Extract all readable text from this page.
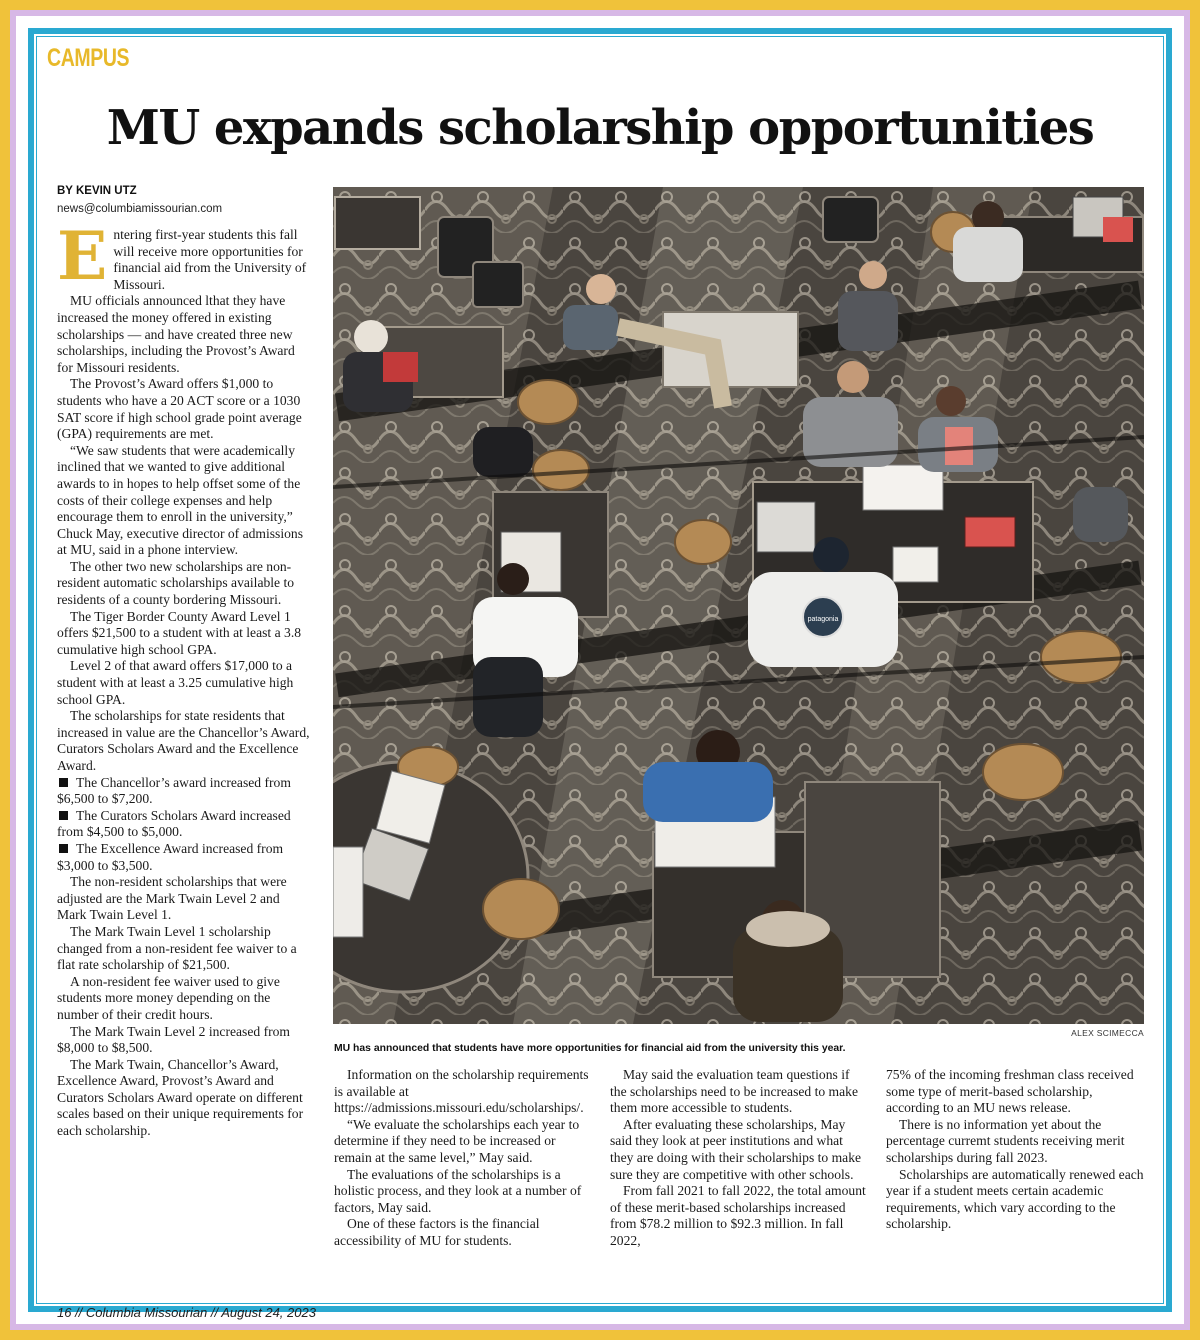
CAMPUS

MU expands scholarship opportunities

BY KEVIN UTZ

news@columbiamissourian.com

Entering first-year students this fall will receive more opportunities for financial aid from the University of Missouri.

MU officials announced lthat they have increased the money offered in existing scholarships — and have created three new scholarships, including the Provost’s Award for Missouri residents.

The Provost’s Award offers $1,000 to students who have a 20 ACT score or a 1030 SAT score if high school grade point average (GPA) requirements are met.

“We saw students that were academically inclined that we wanted to give additional awards to in hopes to help offset some of the costs of their college expenses and help encourage them to enroll in the university,” Chuck May, executive director of admissions at MU, said in a phone interview.

The other two new scholarships are non-resident automatic scholarships available to residents of a county bordering Missouri.

The Tiger Border County Award Level 1 offers $21,500 to a student with at least a 3.8 cumulative high school GPA.

Level 2 of that award offers $17,000 to a student with at least a 3.25 cumulative high school GPA.

The scholarships for state residents that increased in value are the Chancellor’s Award, Curators Scholars Award and the Excellence Award.

The Chancellor’s award increased from $6,500 to $7,200.

The Curators Scholars Award increased from $4,500 to $5,000.

The Excellence Award increased from $3,000 to $3,500.

The non-resident scholarships that were adjusted are the Mark Twain Level 2 and Mark Twain Level 1.

The Mark Twain Level 1 scholarship changed from a non-resident fee waiver to a flat rate scholarship of $21,500.

A non-resident fee waiver used to give students more money depending on the number of their credit hours.

The Mark Twain Level 2 increased from $8,000 to $8,500.

The Mark Twain, Chancellor’s Award, Excellence Award, Provost’s Award and Curators Scholars Award operate on different scales based on their unique requirements for each scholarship.

patagonia

ALEX SCIMECCA

MU has announced that students have more opportunities for financial aid from the university this year.

Information on the scholarship requirements is available at https://admissions.missouri.edu/scholarships/.

“We evaluate the scholarships each year to determine if they need to be increased or remain at the same level,” May said.

The evaluations of the scholarships is a holistic process, and they look at a number of factors, May said.

One of these factors is the financial accessibility of MU for students.

May said the evaluation team questions if the scholarships need to be increased to make them more accessible to students.

After evaluating these scholarships, May said they look at peer institutions and what they are doing with their scholarships to make sure they are competitive with other schools.

From fall 2021 to fall 2022, the total amount of these merit-based scholarships increased from $78.2 million to $92.3 million. In fall 2022,

75% of the incoming freshman class received some type of merit-based scholarship, according to an MU news release.

There is no information yet about the percentage curremt students receiving merit scholarships during fall 2023.

Scholarships are automatically renewed each year if a student meets certain academic requirements, which vary according to the scholarship.

16 // Columbia Missourian // August 24, 2023
